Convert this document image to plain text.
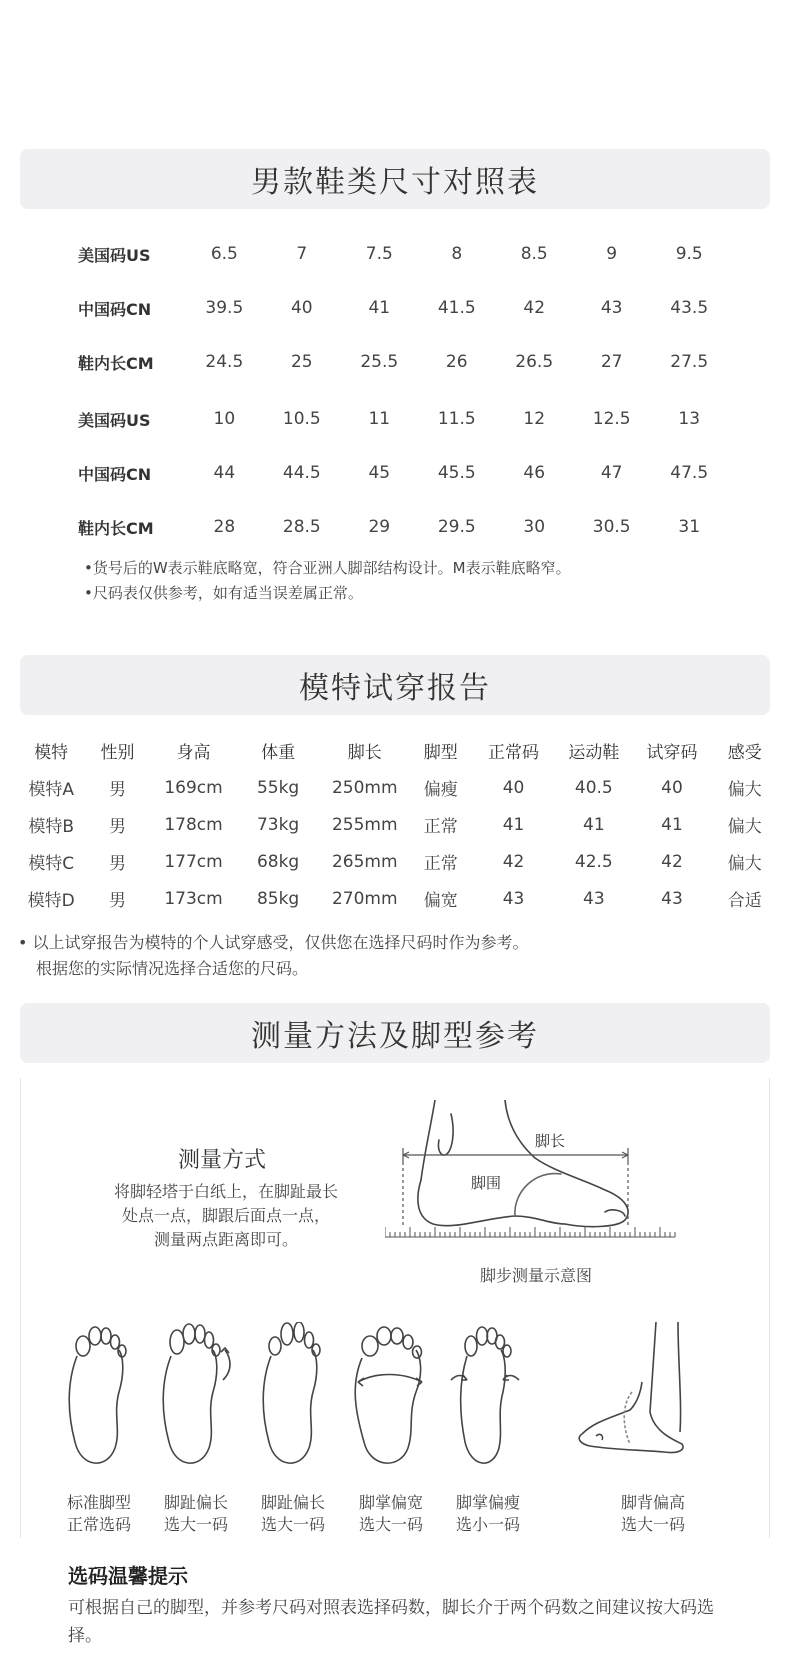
男款鞋类尺寸对照表
美国码US	6.5	7	7.5	8	8.5	9	9.5
中国码CN	39.5	40	41	41.5	42	43	43.5
鞋内长CM	24.5	25	25.5	26	26.5	27	27.5
美国码US	10	10.5	11	11.5	12	12.5	13
中国码CN	44	44.5	45	45.5	46	47	47.5
鞋内长CM	28	28.5	29	29.5	30	30.5	31
•货号后的W表示鞋底略宽，符合亚洲人脚部结构设计。M表示鞋底略窄。
•尺码表仅供参考，如有适当误差属正常。
模特试穿报告
模特	性别	身高	体重	脚长	脚型	正常码	运动鞋	试穿码	感受
模特A	男	169cm	55kg	250mm	偏瘦	40	40.5	40	偏大
模特B	男	178cm	73kg	255mm	正常	41	41	41	偏大
模特C	男	177cm	68kg	265mm	正常	42	42.5	42	偏大
模特D	男	173cm	85kg	270mm	偏宽	43	43	43	合适
• 以上试穿报告为模特的个人试穿感受，仅供您在选择尺码时作为参考。
根据您的实际情况选择合适您的尺码。
测量方法及脚型参考
测量方式
将脚轻塔于白纸上，在脚趾最长
处点一点，脚跟后面点一点，
测量两点距离即可。
脚长
脚围
脚步测量示意图
标准脚型
正常选码
脚趾偏长
选大一码
脚趾偏长
选大一码
脚掌偏宽
选大一码
脚掌偏瘦
选小一码
脚背偏高
选大一码
选码温馨提示
可根据自己的脚型，并参考尺码对照表选择码数，脚长介于两个码数之间建议按大码选择。
